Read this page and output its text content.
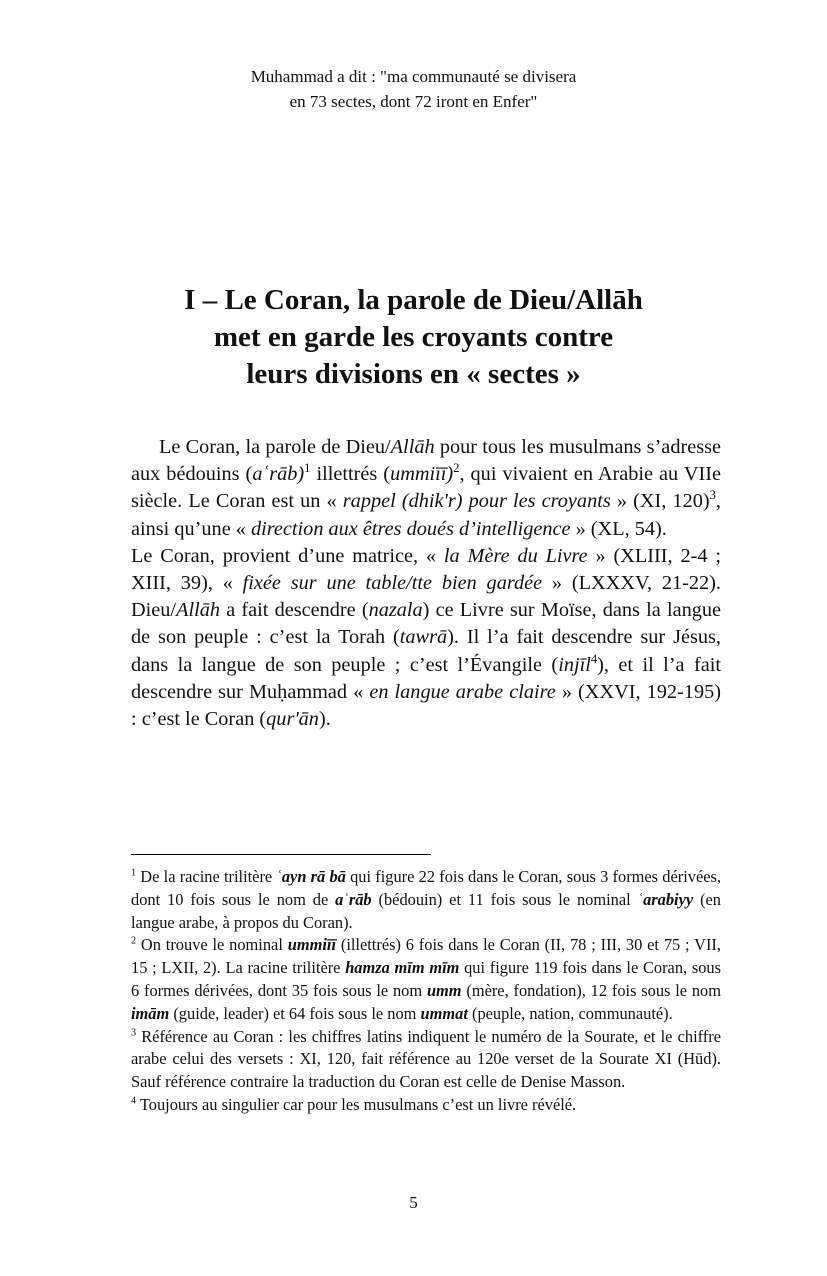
Muhammad a dit : "ma communauté se divisera
en 73 sectes, dont 72 iront en Enfer"
I – Le Coran, la parole de Dieu/Allāh
met en garde les croyants contre
leurs divisions en « sectes »

Le Coran, la parole de Dieu/Allāh pour tous les musulmans s’adresse aux bédouins (aʿrāb)$^1$ illettrés (ummiīī)$^2$, qui vivaient en Arabie au VIIe siècle. Le Coran est un « rappel (dhik'r) pour les croyants » (XI, 120)$^3$, ainsi qu’une « direction aux êtres doués d’intelligence » (XL, 54).

Le Coran, provient d’une matrice, « la Mère du Livre » (XLIII, 2-4 ; XIII, 39), « fixée sur une table/tte bien gardée » (LXXXV, 21-22). Dieu/Allāh a fait descendre (nazala) ce Livre sur Moïse, dans la langue de son peuple : c’est la Torah (tawrā). Il l’a fait descendre sur Jésus, dans la langue de son peuple ; c’est l’Évangile (injīl$^4$), et il l’a fait descendre sur Muḥammad « en langue arabe claire » (XXVI, 192-195) : c’est le Coran (qur'ān).

$^1$ De la racine trilitère ʿayn rā bā qui figure 22 fois dans le Coran, sous 3 formes dérivées, dont 10 fois sous le nom de aʿrāb (bédouin) et 11 fois sous le nominal ʿarabiyy (en langue arabe, à propos du Coran).

$^2$ On trouve le nominal ummiīī (illettrés) 6 fois dans le Coran (II, 78 ; III, 30 et 75 ; VII, 15 ; LXII, 2). La racine trilitère hamza mīm mīm qui figure 119 fois dans le Coran, sous 6 formes dérivées, dont 35 fois sous le nom umm (mère, fondation), 12 fois sous le nom imām (guide, leader) et 64 fois sous le nom ummat (peuple, nation, communauté).

$^3$ Référence au Coran : les chiffres latins indiquent le numéro de la Sourate, et le chiffre arabe celui des versets : XI, 120, fait référence au 120e verset de la Sourate XI (Hūd). Sauf référence contraire la traduction du Coran est celle de Denise Masson.

$^4$ Toujours au singulier car pour les musulmans c’est un livre révélé.

5
